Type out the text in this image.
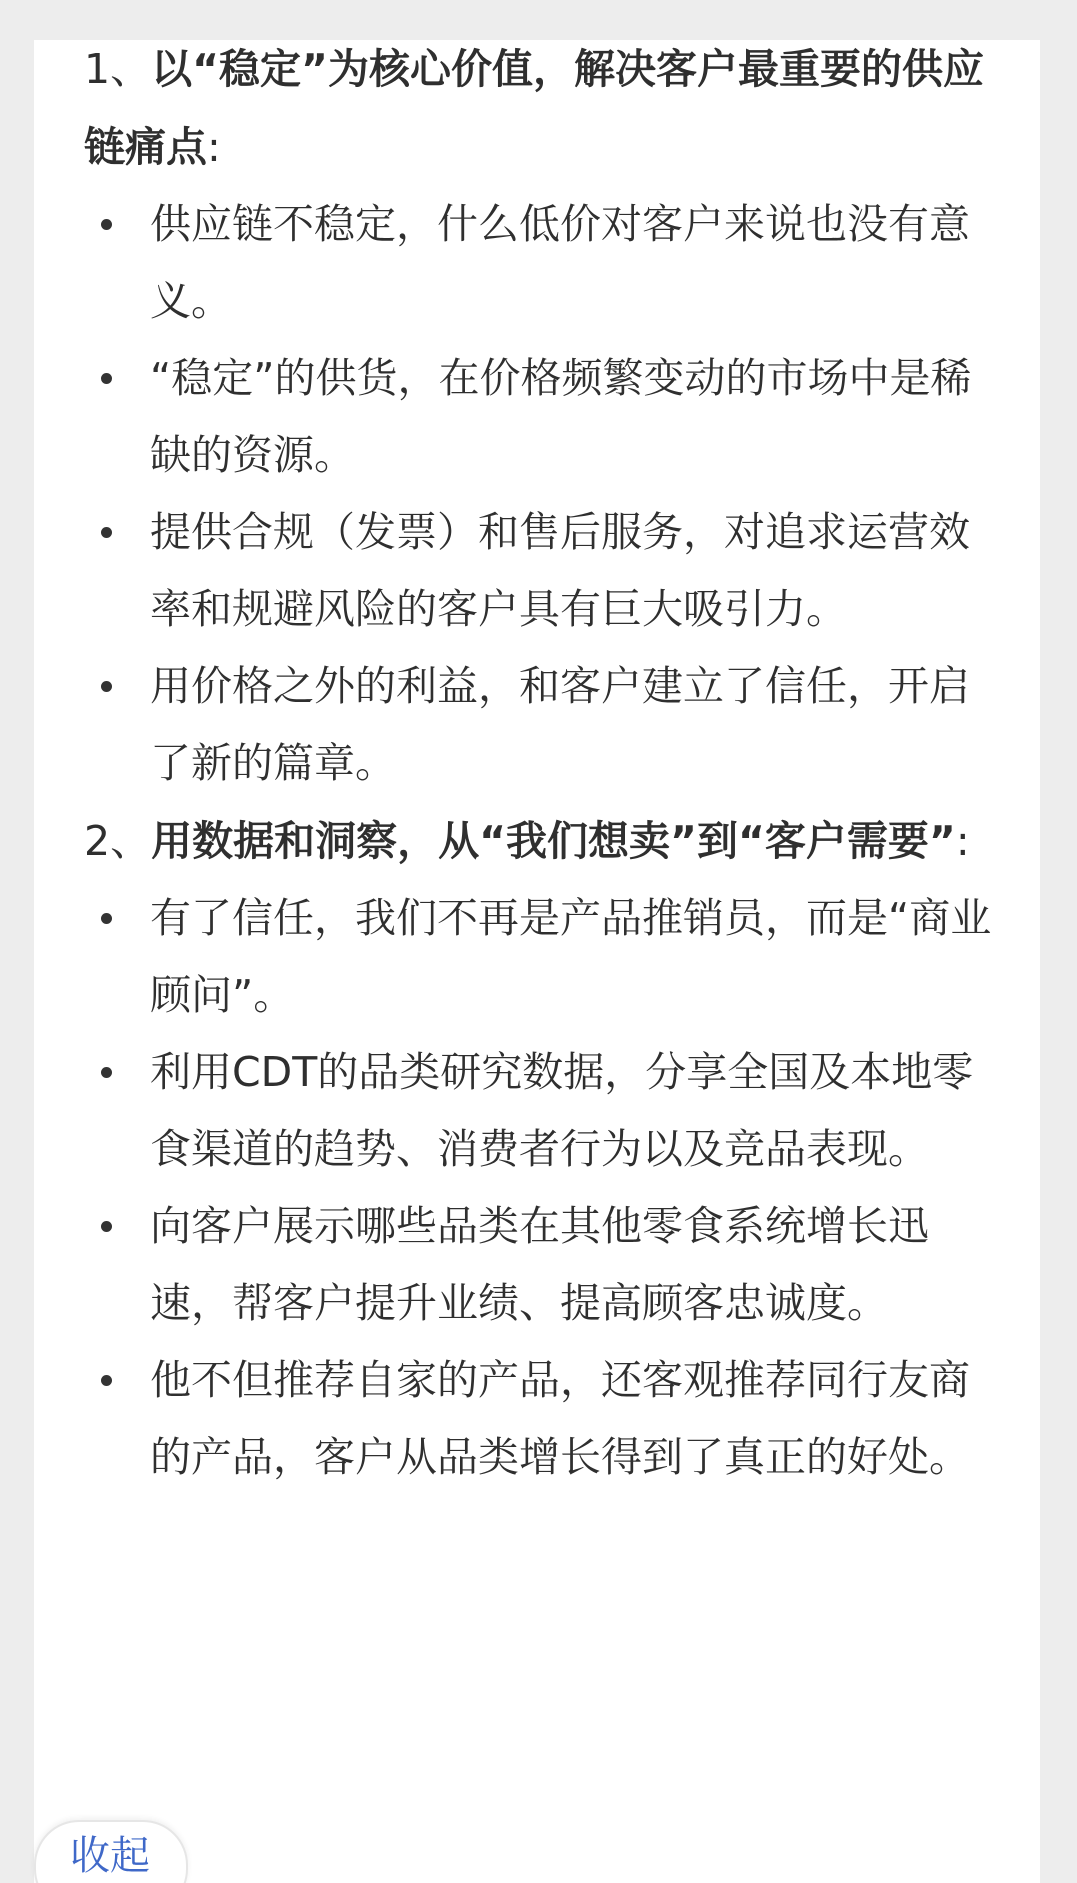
1、以“稳定”为核心价值，解决客户最重要的供应链痛点:
供应链不稳定，什么低价对客户来说也没有意义。
“稳定”的供货，在价格频繁变动的市场中是稀缺的资源。
提供合规（发票）和售后服务，对追求运营效率和规避风险的客户具有巨大吸引力。
用价格之外的利益，和客户建立了信任，开启了新的篇章。
2、用数据和洞察，从“我们想卖”到“客户需要”:
有了信任，我们不再是产品推销员，而是“商业顾问”。
利用CDT的品类研究数据，分享全国及本地零食渠道的趋势、消费者行为以及竞品表现。
向客户展示哪些品类在其他零食系统增长迅速，帮客户提升业绩、提高顾客忠诚度。
他不但推荐自家的产品，还客观推荐同行友商的产品，客户从品类增长得到了真正的好处。
收起
